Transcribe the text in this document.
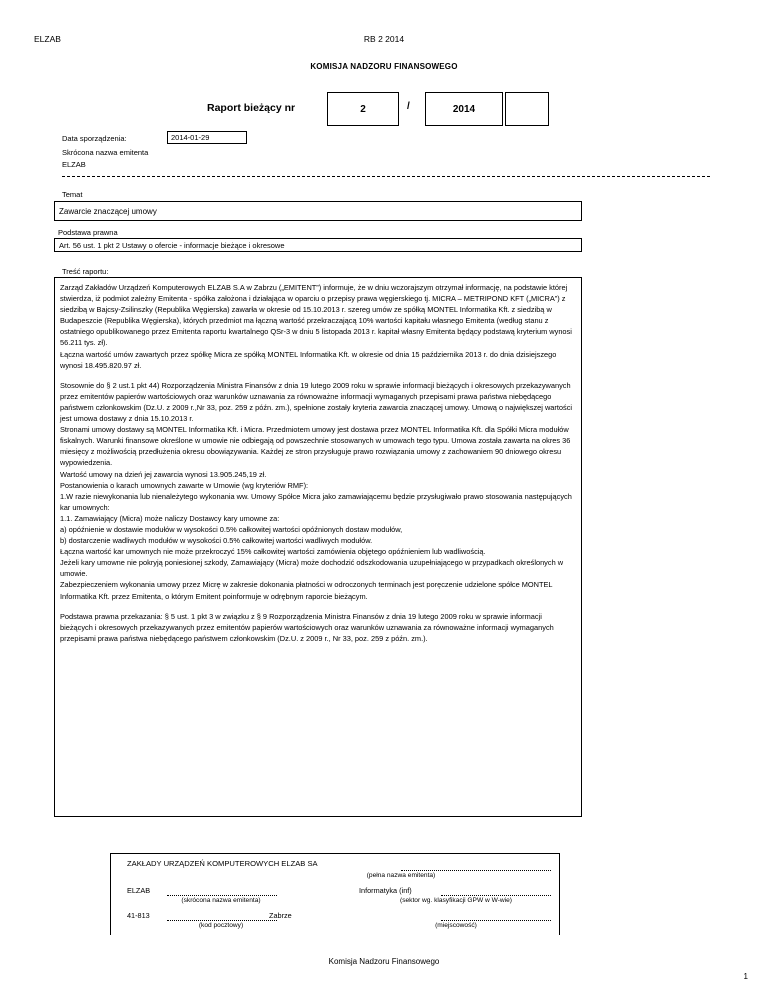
ELZAB	RB 2 2014
KOMISJA NADZORU FINANSOWEGO
Raport bieżący nr	2	/	2014
Data sporządzenia:	2014-01-29
Skrócona nazwa emitenta
ELZAB
Temat
Zawarcie znaczącej umowy
Podstawa prawna
Art. 56 ust. 1 pkt 2 Ustawy o ofercie - informacje bieżące i okresowe
Treść raportu:

Zarząd Zakładów Urządzeń Komputerowych ELZAB S.A w Zabrzu („EMITENT”) informuje, że w dniu wczorajszym otrzymał informację, na podstawie której stwierdza, iż podmiot zależny Emitenta - spółka założona i działająca w oparciu o przepisy prawa węgierskiego tj. MICRA – METRIPOND KFT („MICRA”) z siedzibą w Bajcsy-Zsilinszky (Republika Węgierska) zawarła w okresie od 15.10.2013 r. szereg umów ze spółką MONTEL Informatika Kft. z siedzibą w Budapeszcie (Republika Węgierska), których przedmiot ma łączną wartość przekraczającą 10% wartości kapitału własnego Emitenta (według stanu z ostatniego opublikowanego przez Emitenta raportu kwartalnego QSr-3 w dniu 5 listopada 2013 r. kapitał własny Emitenta będący podstawą kryterium wynosi 56.211 tys. zł).

Łączna wartość umów zawartych przez spółkę Micra ze spółką MONTEL Informatika Kft. w okresie od dnia 15 października 2013 r. do dnia dzisiejszego wynosi 18.495.820.97 zł.

Stosownie do § 2 ust.1 pkt 44) Rozporządzenia Ministra Finansów z dnia 19 lutego 2009 roku w sprawie informacji bieżących i okresowych przekazywanych przez emitentów papierów wartościowych oraz warunków uznawania za równoważne informacji wymaganych przepisami prawa państwa niebędącego państwem członkowskim (Dz.U. z 2009 r.,Nr 33, poz. 259 z późn. zm.), spełnione zostały kryteria zawarcia znaczącej umowy. Umową o największej wartości jest umowa dostawy z dnia 15.10.2013 r.

Stronami umowy dostawy są MONTEL Informatika Kft. i Micra. Przedmiotem umowy jest dostawa przez MONTEL Informatika Kft. dla Spółki Micra modułów fiskalnych. Warunki finansowe określone w umowie nie odbiegają od powszechnie stosowanych w umowach tego typu. Umowa została zawarta na okres 36 miesięcy z możliwością przedłużenia okresu obowiązywania. Każdej ze stron przysługuje prawo rozwiązania umowy z zachowaniem 90 dniowego okresu wypowiedzenia.

Wartość umowy na dzień jej zawarcia wynosi 13.905.245,19 zł.

Postanowienia o karach umownych zawarte w Umowie (wg kryteriów RMF):

1.W razie niewykonania lub nienależytego wykonania ww. Umowy Spółce Micra jako zamawiającemu będzie przysługiwało prawo stosowania następujących kar umownych:

1.1. Zamawiający (Micra) może naliczy Dostawcy kary umowne za:

a) opóźnienie w dostawie modułów w wysokości 0.5% całkowitej wartości opóźnionych dostaw modułów,

b) dostarczenie wadliwych modułów w wysokości 0.5% całkowitej wartości wadliwych modułów.

Łączna wartość kar umownych nie może przekroczyć 15% całkowitej wartości zamówienia objętego opóźnieniem lub wadliwością.

Jeżeli kary umowne nie pokryją poniesionej szkody, Zamawiający (Micra) może dochodzić odszkodowania uzupełniającego w przypadkach określonych w umowie.

Zabezpieczeniem wykonania umowy przez Micrę w zakresie dokonania płatności w odroczonych terminach jest poręczenie udzielone spółce MONTEL Informatika Kft. przez Emitenta, o którym Emitent poinformuje w odrębnym raporcie bieżącym.

Podstawa prawna przekazania: § 5 ust. 1 pkt 3 w związku z § 9 Rozporządzenia Ministra Finansów z dnia 19 lutego 2009 roku w sprawie informacji bieżących i okresowych przekazywanych przez emitentów papierów wartościowych oraz warunków uznawania za równoważne informacji wymaganych przepisami prawa państwa niebędącego państwem członkowskim (Dz.U. z 2009 r., Nr 33, poz. 259 z późn. zm.).

ZAKŁADY URZĄDZEŃ KOMPUTEROWYCH ELZAB SA
(pełna nazwa emitenta)
ELZAB	Informatyka (inf)
(skrócona nazwa emitenta)	(sektor wg. klasyfikacji GPW w W-wie)
41-813	Zabrze
(kod pocztowy)	(miejscowość)
Komisja Nadzoru Finansowego
1
